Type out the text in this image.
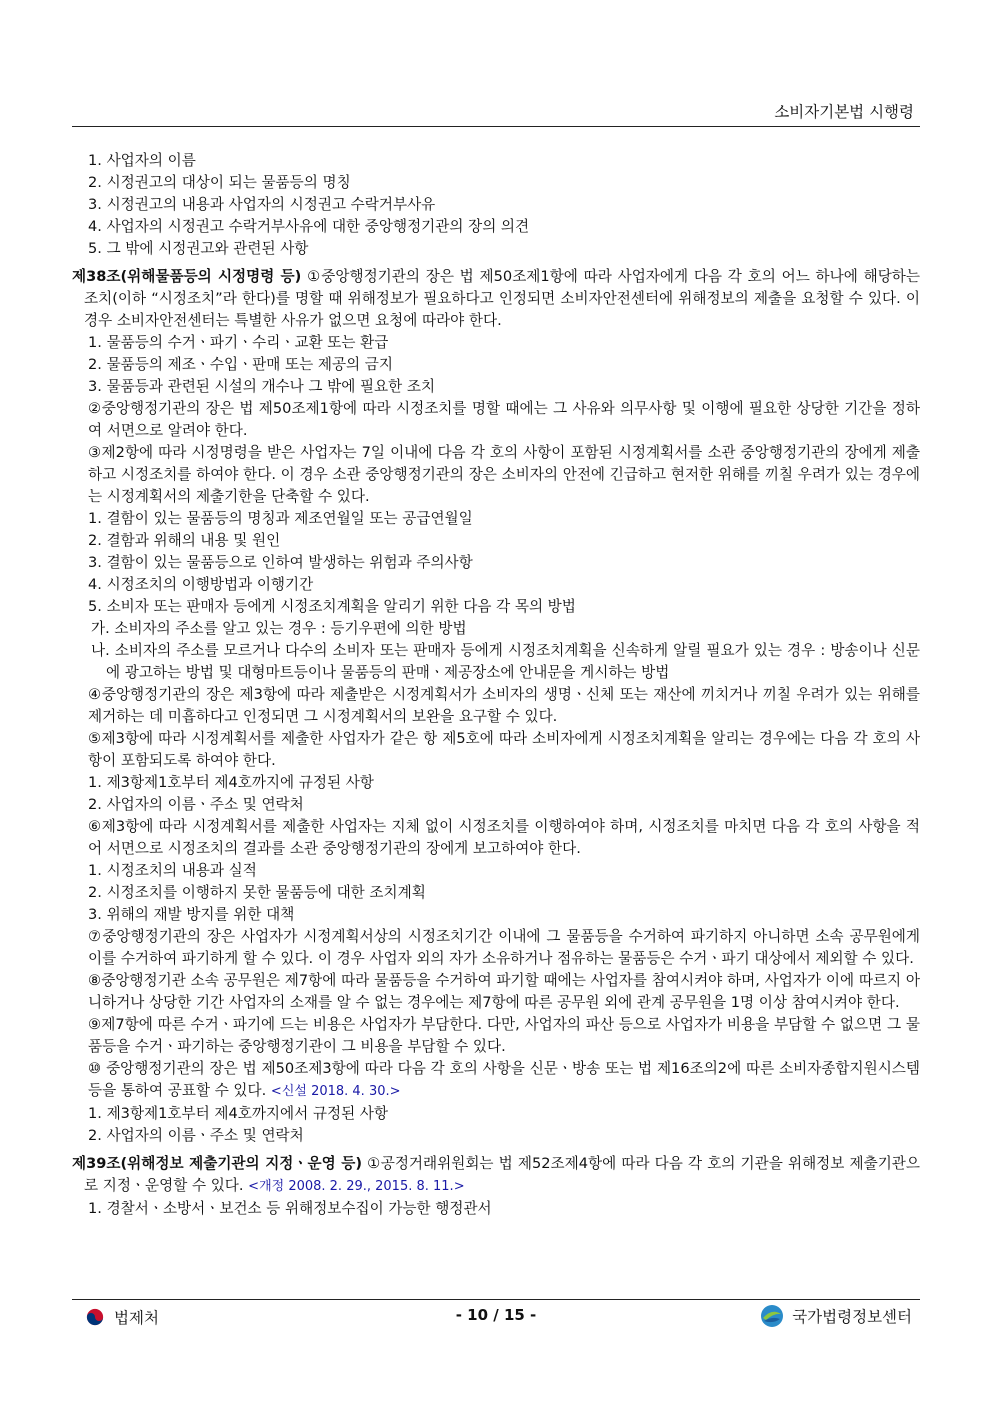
소비자기본법 시행령

1. 사업자의 이름

2. 시정권고의 대상이 되는 물품등의 명칭

3. 시정권고의 내용과 사업자의 시정권고 수락거부사유

4. 사업자의 시정권고 수락거부사유에 대한 중앙행정기관의 장의 의견

5. 그 밖에 시정권고와 관련된 사항

제38조(위해물품등의 시정명령 등) ①중앙행정기관의 장은 법 제50조제1항에 따라 사업자에게 다음 각 호의 어느 하나에 해당하는 조치(이하 “시정조치”라 한다)를 명할 때 위해정보가 필요하다고 인정되면 소비자안전센터에 위해정보의 제출을 요청할 수 있다. 이 경우 소비자안전센터는 특별한 사유가 없으면 요청에 따라야 한다.

1. 물품등의 수거ㆍ파기ㆍ수리ㆍ교환 또는 환급

2. 물품등의 제조ㆍ수입ㆍ판매 또는 제공의 금지

3. 물품등과 관련된 시설의 개수나 그 밖에 필요한 조치

②중앙행정기관의 장은 법 제50조제1항에 따라 시정조치를 명할 때에는 그 사유와 의무사항 및 이행에 필요한 상당한 기간을 정하여 서면으로 알려야 한다.

③제2항에 따라 시정명령을 받은 사업자는 7일 이내에 다음 각 호의 사항이 포함된 시정계획서를 소관 중앙행정기관의 장에게 제출하고 시정조치를 하여야 한다. 이 경우 소관 중앙행정기관의 장은 소비자의 안전에 긴급하고 현저한 위해를 끼칠 우려가 있는 경우에는 시정계획서의 제출기한을 단축할 수 있다.

1. 결함이 있는 물품등의 명칭과 제조연월일 또는 공급연월일

2. 결함과 위해의 내용 및 원인

3. 결함이 있는 물품등으로 인하여 발생하는 위험과 주의사항

4. 시정조치의 이행방법과 이행기간

5. 소비자 또는 판매자 등에게 시정조치계획을 알리기 위한 다음 각 목의 방법

가. 소비자의 주소를 알고 있는 경우 : 등기우편에 의한 방법

나. 소비자의 주소를 모르거나 다수의 소비자 또는 판매자 등에게 시정조치계획을 신속하게 알릴 필요가 있는 경우 : 방송이나 신문에 광고하는 방법 및 대형마트등이나 물품등의 판매ㆍ제공장소에 안내문을 게시하는 방법

④중앙행정기관의 장은 제3항에 따라 제출받은 시정계획서가 소비자의 생명ㆍ신체 또는 재산에 끼치거나 끼칠 우려가 있는 위해를 제거하는 데 미흡하다고 인정되면 그 시정계획서의 보완을 요구할 수 있다.

⑤제3항에 따라 시정계획서를 제출한 사업자가 같은 항 제5호에 따라 소비자에게 시정조치계획을 알리는 경우에는 다음 각 호의 사항이 포함되도록 하여야 한다.

1. 제3항제1호부터 제4호까지에 규정된 사항

2. 사업자의 이름ㆍ주소 및 연락처

⑥제3항에 따라 시정계획서를 제출한 사업자는 지체 없이 시정조치를 이행하여야 하며, 시정조치를 마치면 다음 각 호의 사항을 적어 서면으로 시정조치의 결과를 소관 중앙행정기관의 장에게 보고하여야 한다.

1. 시정조치의 내용과 실적

2. 시정조치를 이행하지 못한 물품등에 대한 조치계획

3. 위해의 재발 방지를 위한 대책

⑦중앙행정기관의 장은 사업자가 시정계획서상의 시정조치기간 이내에 그 물품등을 수거하여 파기하지 아니하면 소속 공무원에게 이를 수거하여 파기하게 할 수 있다. 이 경우 사업자 외의 자가 소유하거나 점유하는 물품등은 수거ㆍ파기 대상에서 제외할 수 있다.

⑧중앙행정기관 소속 공무원은 제7항에 따라 물품등을 수거하여 파기할 때에는 사업자를 참여시켜야 하며, 사업자가 이에 따르지 아니하거나 상당한 기간 사업자의 소재를 알 수 없는 경우에는 제7항에 따른 공무원 외에 관계 공무원을 1명 이상 참여시켜야 한다.

⑨제7항에 따른 수거ㆍ파기에 드는 비용은 사업자가 부담한다. 다만, 사업자의 파산 등으로 사업자가 비용을 부담할 수 없으면 그 물품등을 수거ㆍ파기하는 중앙행정기관이 그 비용을 부담할 수 있다.

⑩ 중앙행정기관의 장은 법 제50조제3항에 따라 다음 각 호의 사항을 신문ㆍ방송 또는 법 제16조의2에 따른 소비자종합지원시스템 등을 통하여 공표할 수 있다. <신설 2018. 4. 30.>

1. 제3항제1호부터 제4호까지에서 규정된 사항

2. 사업자의 이름ㆍ주소 및 연락처

제39조(위해정보 제출기관의 지정ㆍ운영 등) ①공정거래위원회는 법 제52조제4항에 따라 다음 각 호의 기관을 위해정보 제출기관으로 지정ㆍ운영할 수 있다. <개정 2008. 2. 29., 2015. 8. 11.>

1. 경찰서ㆍ소방서ㆍ보건소 등 위해정보수집이 가능한 행정관서

법제처	- 10 / 15 -	국가법령정보센터
